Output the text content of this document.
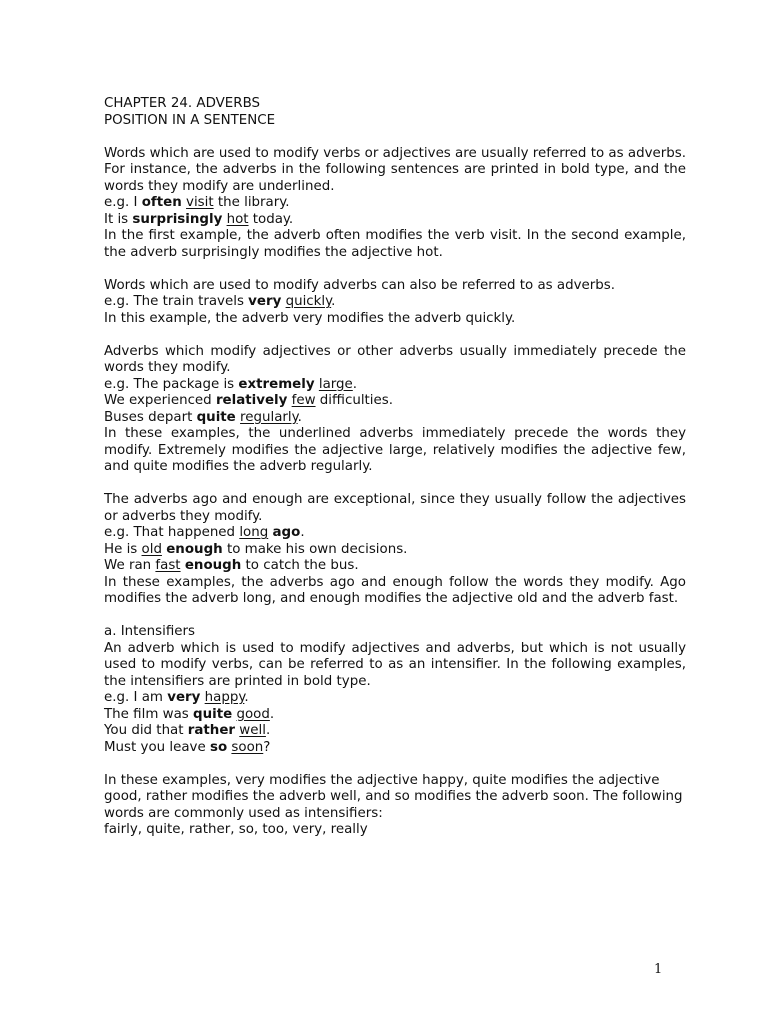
CHAPTER 24. ADVERBS

POSITION IN A SENTENCE

Words which are used to modify verbs or adjectives are usually referred to as adverbs. For instance, the adverbs in the following sentences are printed in bold type, and the words they modify are underlined.

e.g. I often visit the library.

It is surprisingly hot today.

In the first example, the adverb often modifies the verb visit. In the second example, the adverb surprisingly modifies the adjective hot.

Words which are used to modify adverbs can also be referred to as adverbs.

e.g. The train travels very quickly.

In this example, the adverb very modifies the adverb quickly.

Adverbs which modify adjectives or other adverbs usually immediately precede the words they modify.

e.g. The package is extremely large.

We experienced relatively few difficulties.

Buses depart quite regularly.

In these examples, the underlined adverbs immediately precede the words they modify. Extremely modifies the adjective large, relatively modifies the adjective few, and quite modifies the adverb regularly.

The adverbs ago and enough are exceptional, since they usually follow the adjectives or adverbs they modify.

e.g. That happened long ago.

He is old enough to make his own decisions.

We ran fast enough to catch the bus.

In these examples, the adverbs ago and enough follow the words they modify. Ago modifies the adverb long, and enough modifies the adjective old and the adverb fast.

a. Intensifiers

An adverb which is used to modify adjectives and adverbs, but which is not usually used to modify verbs, can be referred to as an intensifier. In the following examples, the intensifiers are printed in bold type.

e.g. I am very happy.

The film was quite good.

You did that rather well.

Must you leave so soon?

In these examples, very modifies the adjective happy, quite modifies the adjective good, rather modifies the adverb well, and so modifies the adverb soon. The following words are commonly used as intensifiers:

fairly, quite, rather, so, too, very, really

1
